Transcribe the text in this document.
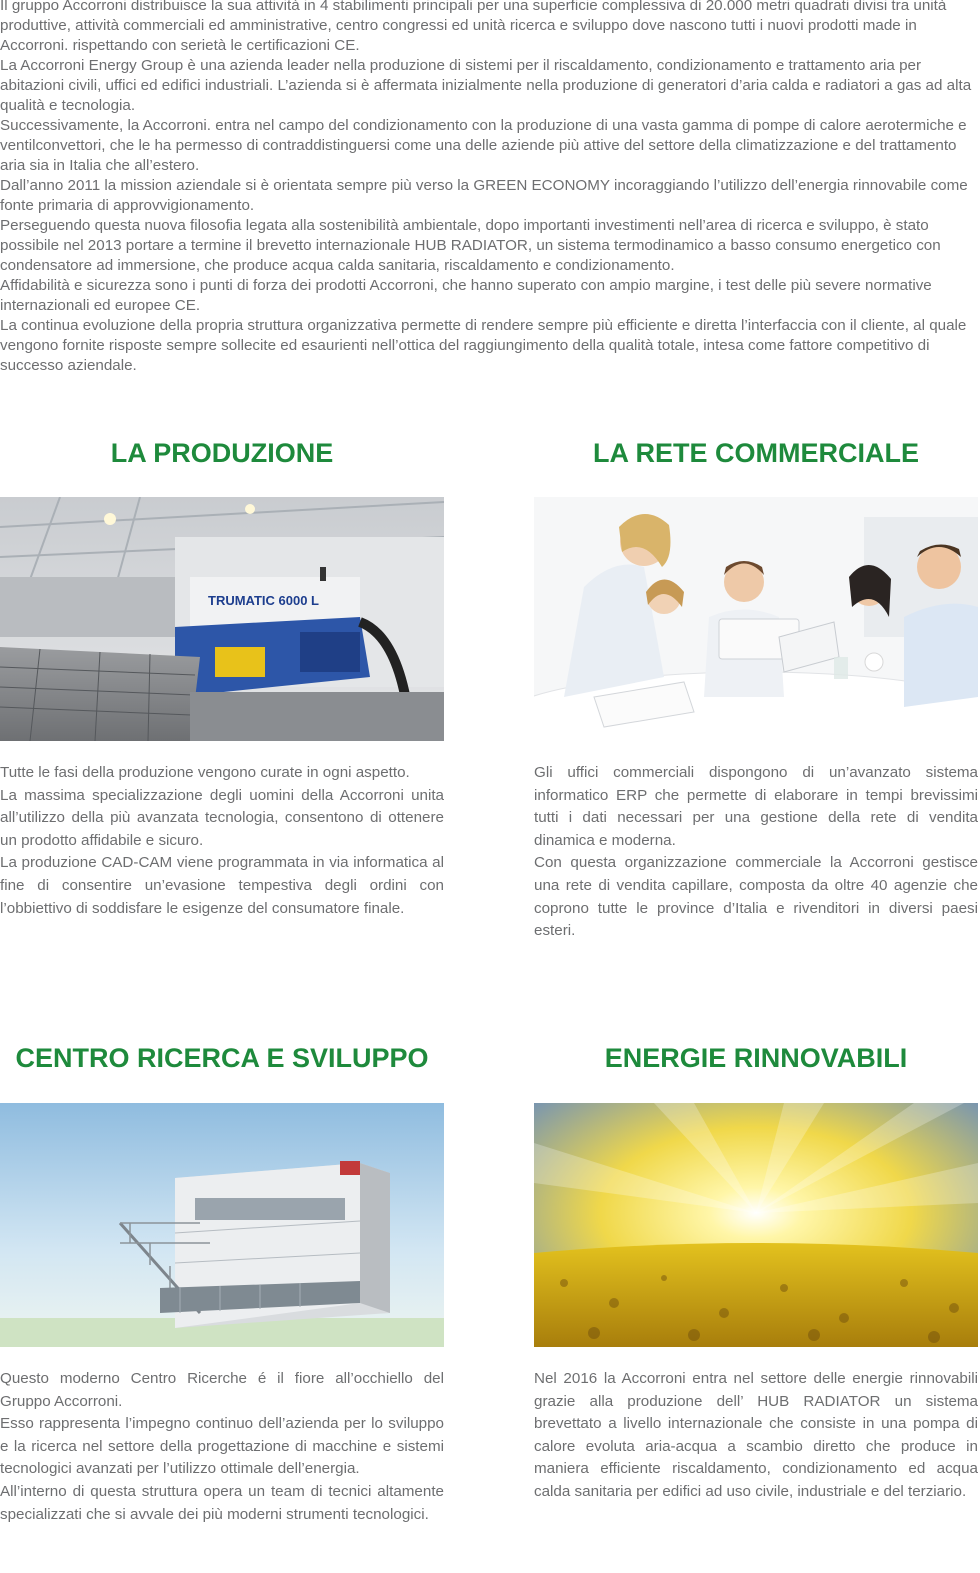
Il gruppo Accorroni distribuisce la sua attività in 4 stabilimenti principali per una superficie complessiva di 20.000 metri quadrati divisi tra unità produttive, attività commerciali ed amministrative, centro congressi ed unità ricerca e sviluppo dove nascono tutti i nuovi prodotti made in Accorroni. rispettando con serietà le certificazioni CE.

La Accorroni Energy Group è una azienda leader nella produzione di sistemi per il riscaldamento, condizionamento e trattamento aria per abitazioni civili, uffici ed edifici industriali. L’azienda si è affermata inizialmente nella produzione di generatori d’aria calda e radiatori a gas ad alta qualità e tecnologia.

Successivamente, la Accorroni. entra nel campo del condizionamento con la produzione di una vasta gamma di pompe di calore aerotermiche e ventilconvettori, che le ha permesso di contraddistinguersi come una delle aziende più attive del settore della climatizzazione e del trattamento aria sia in Italia che all’estero.

Dall’anno 2011 la mission aziendale si è orientata sempre più verso la GREEN ECONOMY incoraggiando l’utilizzo dell’energia rinnovabile come fonte primaria di approvvigionamento.

Perseguendo questa nuova filosofia legata alla sostenibilità ambientale, dopo importanti investimenti nell’area di ricerca e sviluppo, è stato possibile nel 2013 portare a termine il brevetto internazionale HUB RADIATOR, un sistema termodinamico a basso consumo energetico con condensatore ad immersione, che produce acqua calda sanitaria, riscaldamento e condizionamento.

Affidabilità e sicurezza sono i punti di forza dei prodotti Accorroni, che hanno superato con ampio margine, i test delle più severe normative internazionali ed europee CE.

La continua evoluzione della propria struttura organizzativa permette di rendere sempre più efficiente e diretta l’interfaccia con il cliente, al quale vengono fornite risposte sempre sollecite ed esaurienti nell’ottica del raggiungimento della qualità totale, intesa come fattore competitivo di successo aziendale.

LA PRODUZIONE
TRUMATIC 6000 L

Tutte le fasi della produzione vengono curate in ogni aspetto.

La massima specializzazione degli uomini della Accorroni unita all’utilizzo della più avanzata tecnologia, consentono di ottenere un prodotto affidabile e sicuro.

La produzione CAD-CAM viene programmata in via informatica al fine di consentire un’evasione tempestiva degli ordini con l’obbiettivo di soddisfare le esigenze del consumatore finale.

LA RETE COMMERCIALE

Gli uffici commerciali dispongono di un’avanzato sistema informatico ERP che permette di elaborare in tempi brevissimi tutti i dati necessari per una gestione della rete di vendita dinamica e moderna.

Con questa organizzazione commerciale la Accorroni gestisce una rete di vendita capillare, composta da oltre 40 agenzie che coprono tutte le province d’Italia e rivenditori in diversi paesi esteri.

CENTRO RICERCA E SVILUPPO

Questo moderno Centro Ricerche é il fiore all’occhiello del Gruppo Accorroni.

Esso rappresenta l’impegno continuo dell’azienda per lo sviluppo e la ricerca nel settore della progettazione di macchine e sistemi tecnologici avanzati per l’utilizzo ottimale dell’energia.

All’interno di questa struttura opera un team di tecnici altamente specializzati che si avvale dei più moderni strumenti tecnologici.

ENERGIE RINNOVABILI

Nel 2016 la Accorroni entra nel settore delle energie rinnovabili grazie alla produzione dell’ HUB RADIATOR un sistema brevettato a livello internazionale che consiste in una pompa di calore evoluta aria-acqua a scambio diretto che produce in maniera efficiente riscaldamento, condizionamento ed acqua calda sanitaria per edifici ad uso civile, industriale e del terziario.
